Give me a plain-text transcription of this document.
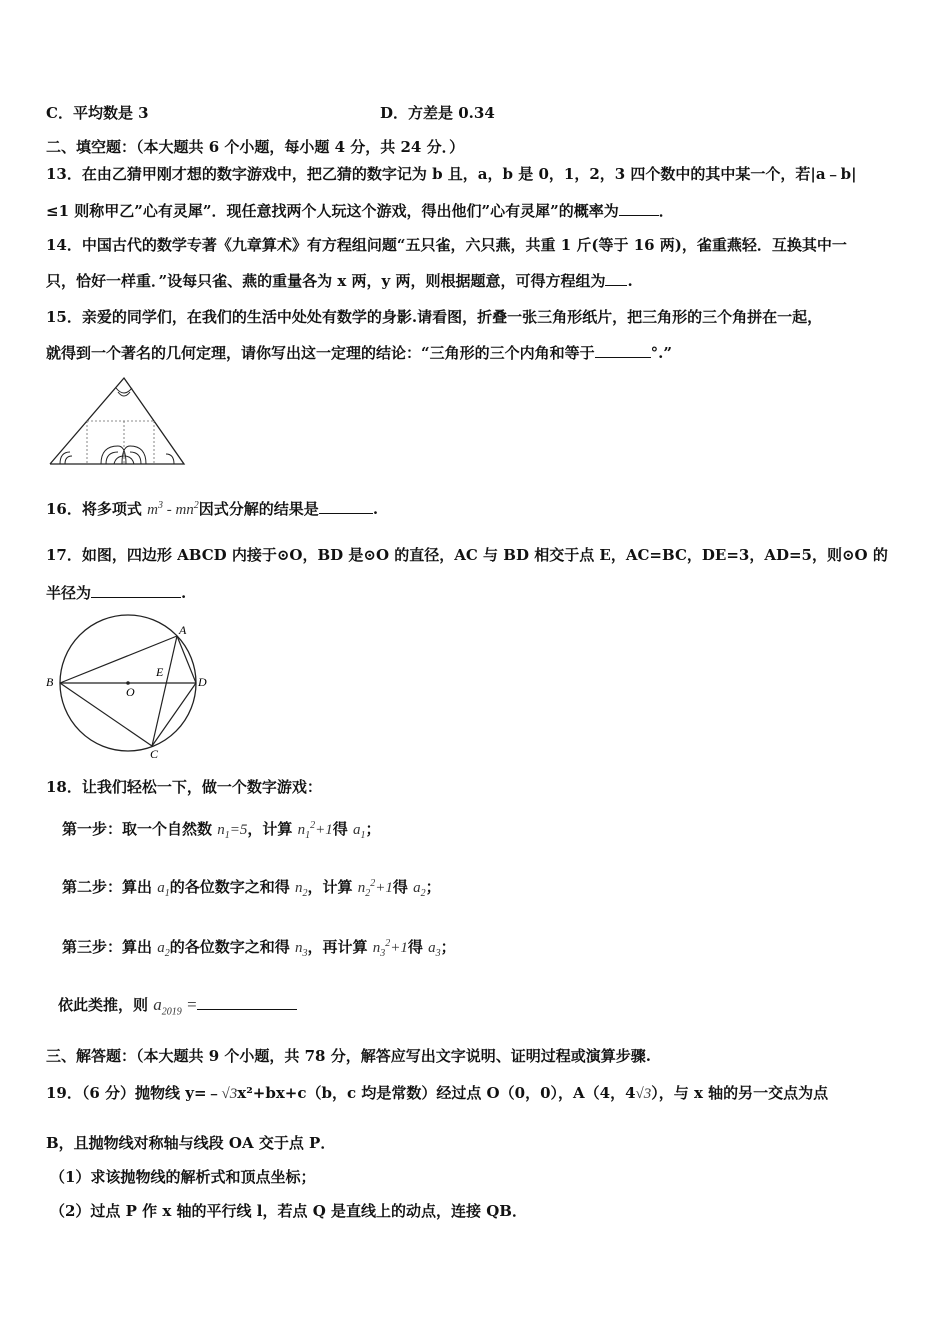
C．平均数是 3	D．方差是 0.34
二、填空题：（本大题共 6 个小题，每小题 4 分，共 24 分．）
13．在由乙猜甲刚才想的数字游戏中，把乙猜的数字记为 b 且，a，b 是 0，1，2，3 四个数中的其中某一个，若|a﹣b|
≤1 则称甲乙”心有灵犀”．现任意找两个人玩这个游戏，得出他们”心有灵犀”的概率为	．
14．中国古代的数学专著《九章算术》有方程组问题“五只雀，六只燕，共重 1 斤(等于 16 两)，雀重燕轻．互换其中一
只，恰好一样重．”设每只雀、燕的重量各为 x 两，y 两，则根据题意，可得方程组为 .
15．亲爱的同学们，在我们的生活中处处有数学的身影.请看图，折叠一张三角形纸片，把三角形的三个角拼在一起，
就得到一个著名的几何定理，请你写出这一定理的结论：“三角形的三个内角和等于	°.”
16．将多项式 $m^3 - mn^2$因式分解的结果是	.
17．如图，四边形 ABCD 内接于⊙O，BD 是⊙O 的直径，AC 与 BD 相交于点 E，AC=BC，DE=3，AD=5，则⊙O 的
半径为	.
A
B
C
D
E
O
18．让我们轻松一下，做一个数字游戏：
第一步：取一个自然数 $n_1=5$，计算 $n_1^2+1$得 $a_1$；
第二步：算出 $a_1$的各位数字之和得 $n_2$，计算 $n_2^2+1$得 $a_2$；
第三步：算出 $a_2$的各位数字之和得 $n_3$，再计算 $n_3^2+1$得 $a_3$；
依此类推，则 $a_{2019}$ =
三、解答题：（本大题共 9 个小题，共 78 分，解答应写出文字说明、证明过程或演算步骤.
19．（6 分）抛物线 y=﹣√3x²+bx+c（b，c 均是常数）经过点 O（0，0），A（4，4√3），与 x 轴的另一交点为点
B，且抛物线对称轴与线段 OA 交于点 P．
（1）求该抛物线的解析式和顶点坐标；
（2）过点 P 作 x 轴的平行线 l，若点 Q 是直线上的动点，连接 QB．
